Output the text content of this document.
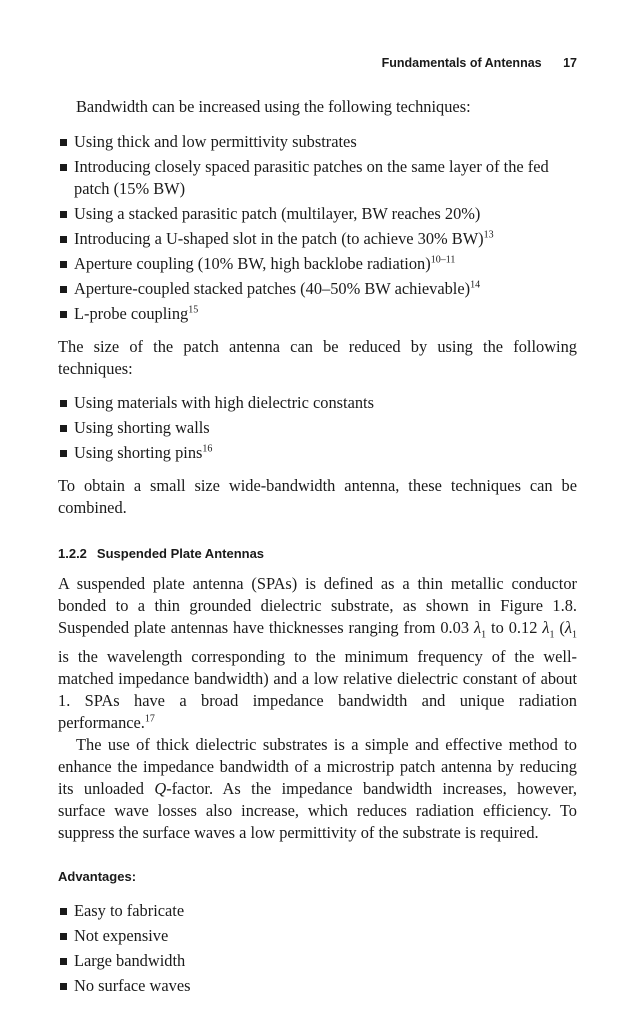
Fundamentals of Antennas 17

Bandwidth can be increased using the following techniques:

Using thick and low permittivity substrates
Introducing closely spaced parasitic patches on the same layer of the fed patch (15% BW)
Using a stacked parasitic patch (multilayer, BW reaches 20%)
Introducing a U-shaped slot in the patch (to achieve 30% BW)$^{13}$
Aperture coupling (10% BW, high backlobe radiation)$^{10-11}$
Aperture-coupled stacked patches (40–50% BW achievable)$^{14}$
L-probe coupling$^{15}$

The size of the patch antenna can be reduced by using the following techniques:

Using materials with high dielectric constants
Using shorting walls
Using shorting pins$^{16}$

To obtain a small size wide-bandwidth antenna, these techniques can be combined.

1.2.2 Suspended Plate Antennas

A suspended plate antenna (SPAs) is defined as a thin metallic conductor bonded to a thin grounded dielectric substrate, as shown in Figure 1.8. Suspended plate antennas have thicknesses ranging from 0.03 $\lambda_1$ to 0.12 $\lambda_1$ ($\lambda_1$ is the wavelength corresponding to the minimum frequency of the well-matched impedance bandwidth) and a low relative dielectric constant of about 1. SPAs have a broad impedance bandwidth and unique radiation performance.$^{17}$

The use of thick dielectric substrates is a simple and effective method to enhance the impedance bandwidth of a microstrip patch antenna by reducing its unloaded Q-factor. As the impedance bandwidth increases, however, surface wave losses also increase, which reduces radiation efficiency. To suppress the surface waves a low permittivity of the substrate is required.

Advantages:
Easy to fabricate
Not expensive
Large bandwidth
No surface waves
